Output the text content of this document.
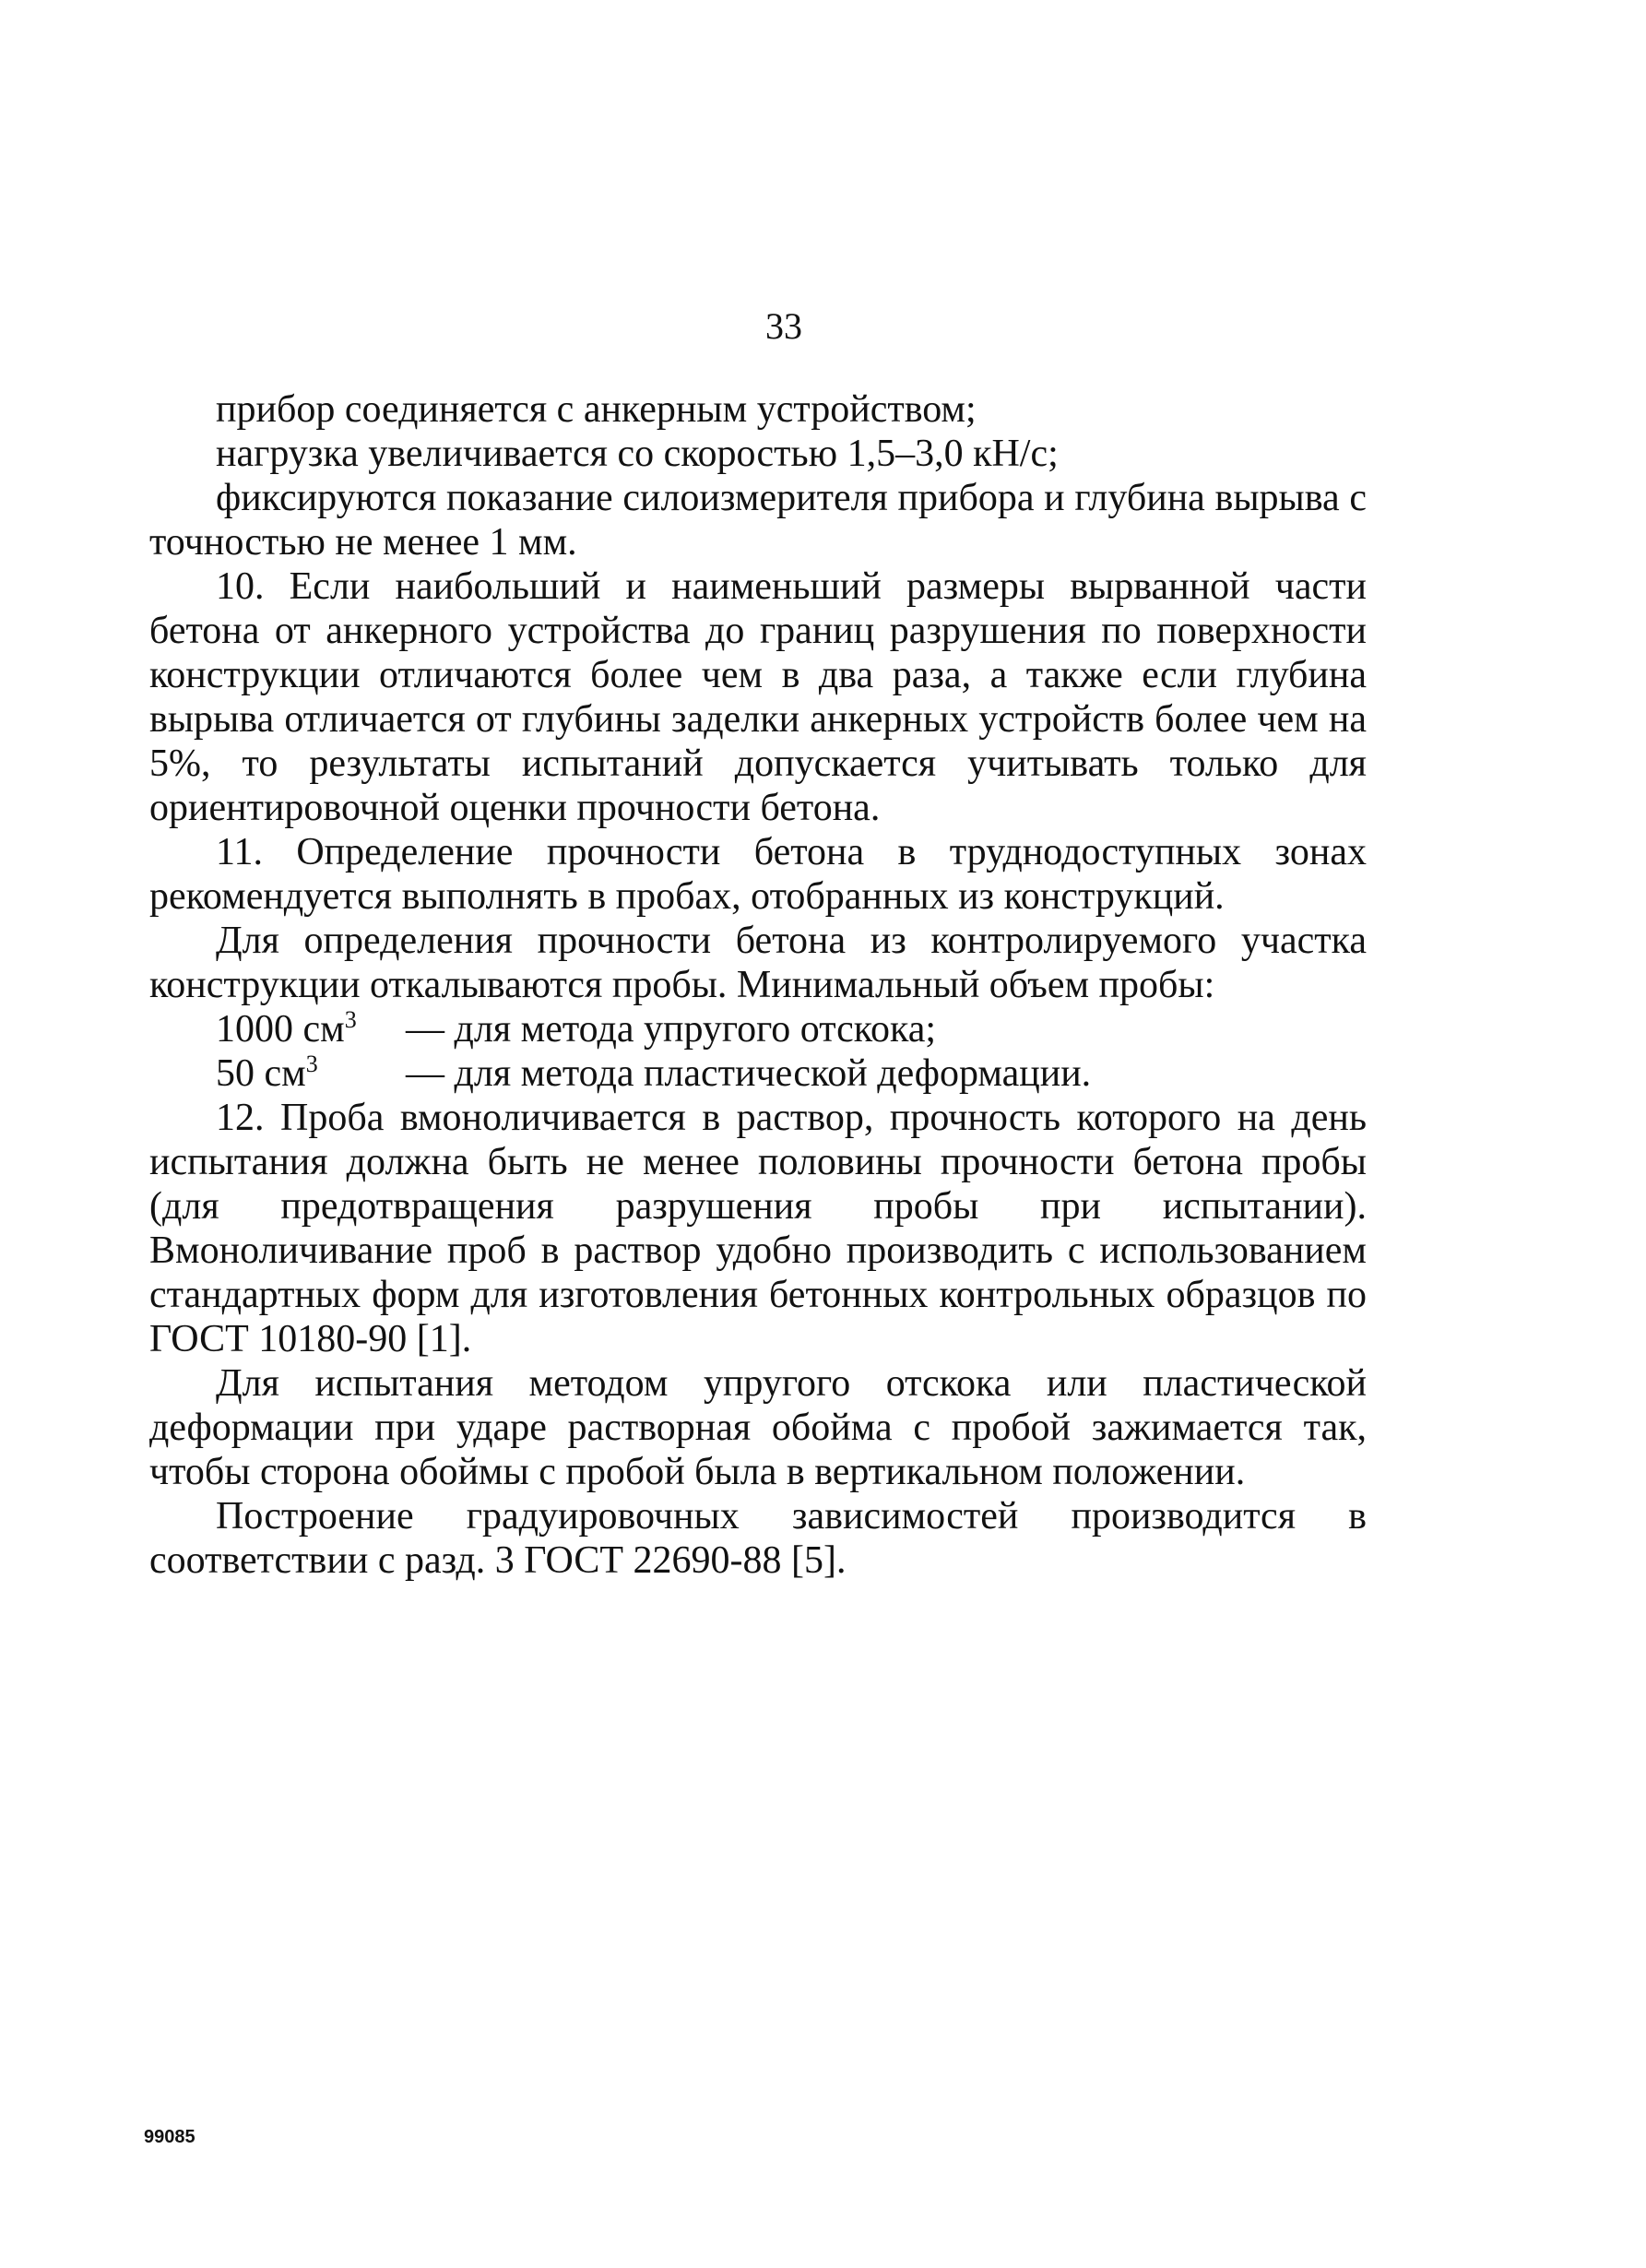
33

прибор соединяется с анкерным устройством;

нагрузка увеличивается со скоростью 1,5–3,0 кН/с;

фиксируются показание силоизмерителя прибора и глубина вырыва с точностью не менее 1 мм.

10. Если наибольший и наименьший размеры вырванной части бетона от анкерного устройства до границ разрушения по поверхности конструкции отличаются более чем в два раза, а также если глубина вырыва отличается от глубины заделки анкерных устройств более чем на 5%, то результаты испытаний допускается учитывать только для ориентировочной оценки прочности бетона.

11. Определение прочности бетона в труднодоступных зонах рекомендуется выполнять в пробах, отобранных из конструкций.

Для определения прочности бетона из контролируемого участка конструкции откалываются пробы. Минимальный объем пробы:

1000 $см^3$	— для метода упругого отскока;
50 $см^3$	— для метода пластической деформации.

12. Проба вмоноличивается в раствор, прочность которого на день испытания должна быть не менее половины прочности бетона пробы (для предотвращения разрушения пробы при испытании). Вмоноличивание проб в раствор удобно производить с использованием стандартных форм для изготовления бетонных контрольных образцов по ГОСТ 10180-90 [1].

Для испытания методом упругого отскока или пластической деформации при ударе растворная обойма с пробой зажимается так, чтобы сторона обоймы с пробой была в вертикальном положении.

Построение градуировочных зависимостей производится в соответствии с разд. 3 ГОСТ 22690-88 [5].

99085
